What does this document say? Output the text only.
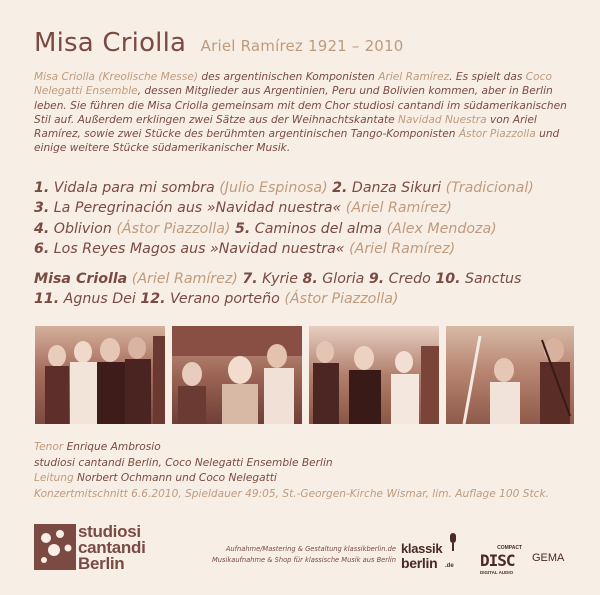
Misa Criolla Ariel Ramírez 1921 – 2010
Misa Criolla (Kreolische Messe) des argentinischen Komponisten Ariel Ramírez. Es spielt das Coco Nelegatti Ensemble, dessen Mitglieder aus Argentinien, Peru und Bolivien kommen, aber in Berlin leben. Sie führen die Misa Criolla gemeinsam mit dem Chor studiosi cantandi im südamerikanischen Stil auf. Außerdem erklingen zwei Sätze aus der Weihnachtskantate Navidad Nuestra von Ariel Ramírez, sowie zwei Stücke des berühmten argentinischen Tango-Komponisten Ástor Piazzolla und einige weitere Stücke südamerikanischer Musik.
1. Vidala para mi sombra (Julio Espinosa) 2. Danza Sikuri (Tradicional)
3. La Peregrinación aus »Navidad nuestra« (Ariel Ramírez)
4. Oblivion (Ástor Piazzolla) 5. Caminos del alma (Alex Mendoza)
6. Los Reyes Magos aus »Navidad nuestra« (Ariel Ramírez)
Misa Criolla (Ariel Ramírez) 7. Kyrie 8. Gloria 9. Credo 10. Sanctus
11. Agnus Dei 12. Verano porteño (Ástor Piazzolla)
Tenor Enrique Ambrosio
studiosi cantandi Berlin, Coco Nelegatti Ensemble Berlin
Leitung Norbert Ochmann und Coco Nelegatti
Konzertmitschnitt 6.6.2010, Spieldauer 49:05, St.-Georgen-Kirche Wismar, lim. Auflage 100 Stck.
studiosi
cantandi
Berlin
Aufnahme/Mastering & Gestaltung klassikberlin.de
Musikaufnahme & Shop für klassische Musik aus Berlin
klassik
berlin .de
COMPACT
DISC
DIGITAL AUDIO
GEMA
